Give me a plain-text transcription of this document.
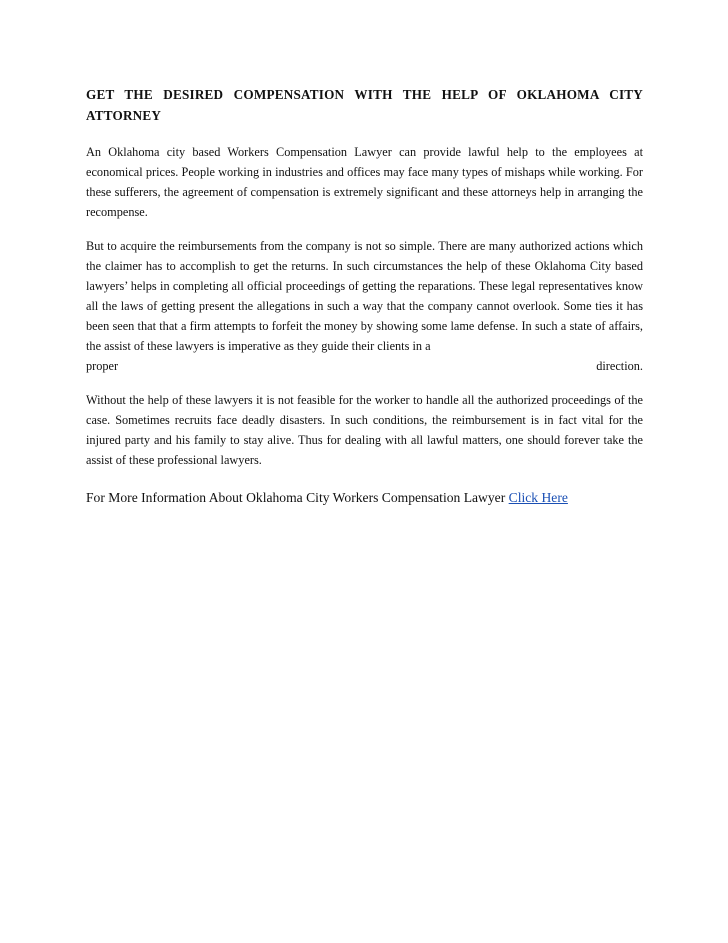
GET THE DESIRED COMPENSATION WITH THE HELP OF OKLAHOMA CITY ATTORNEY
An Oklahoma city based Workers Compensation Lawyer can provide lawful help to the employees at economical prices. People working in industries and offices may face many types of mishaps while working. For these sufferers, the agreement of compensation is extremely significant and these attorneys help in arranging the recompense.
But to acquire the reimbursements from the company is not so simple. There are many authorized actions which the claimer has to accomplish to get the returns. In such circumstances the help of these Oklahoma City based lawyers’ helps in completing all official proceedings of getting the reparations. These legal representatives know all the laws of getting present the allegations in such a way that the company cannot overlook. Some ties it has been seen that that a firm attempts to forfeit the money by showing some lame defense. In such a state of affairs, the assist of these lawyers is imperative as they guide their clients in a
proper direction.
Without the help of these lawyers it is not feasible for the worker to handle all the authorized proceedings of the case. Sometimes recruits face deadly disasters. In such conditions, the reimbursement is in fact vital for the injured party and his family to stay alive. Thus for dealing with all lawful matters, one should forever take the assist of these professional lawyers.
For More Information About Oklahoma City Workers Compensation Lawyer Click Here
